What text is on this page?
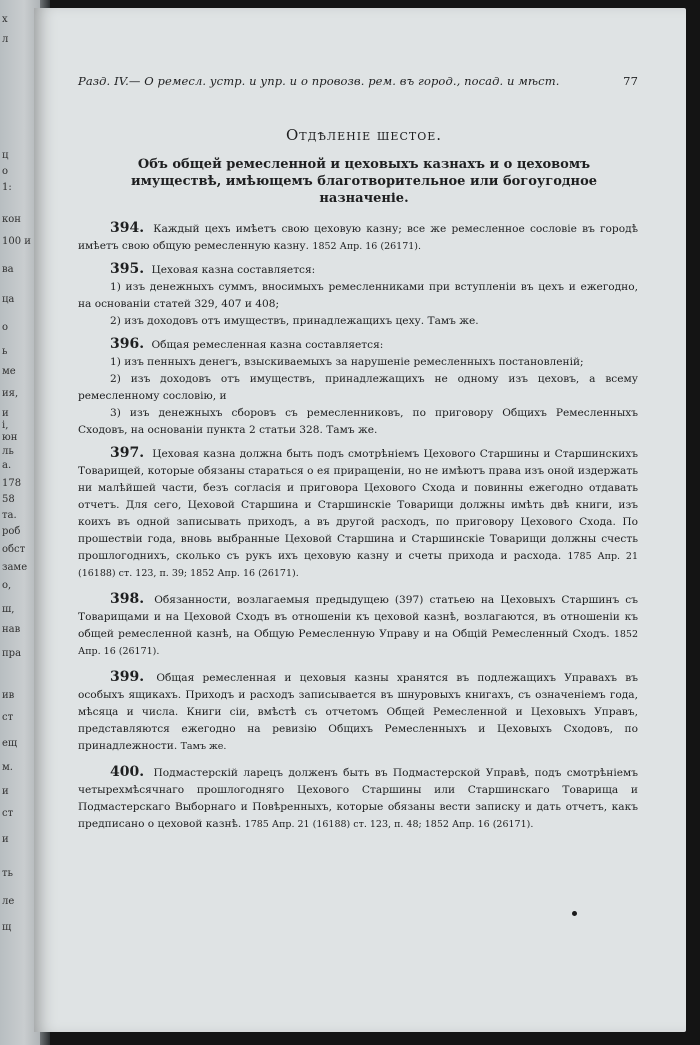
х
л
ц
о
1:
кон
100 и
ва
ца
о
ь
ме
ия,
и
i,
юн
ль
а.
178
58
та.
роб
обст
заме
о,
ш,
нав
пра
ив
ст
ещ
м.
и
ст
и
ть
ле
щ
Разд. IV.— О ремесл. устр. и упр. и о провозв. рем. въ город., посад. и мѣст.	77
Отдѣленіе шестое.
Объ общей ремесленной и цеховыхъ казнахъ и о цеховомъ имуществѣ, имѣющемъ благотворительное или богоугодное назначеніе.

394. Каждый цехъ имѣетъ свою цеховую казну; все же ремесленное сословіе въ городѣ имѣетъ свою общую ремесленную казну. 1852 Апр. 16 (26171).

395. Цеховая казна составляется:

1) изъ денежныхъ суммъ, вносимыхъ ремесленниками при вступленіи въ цехъ и ежегодно, на основаніи статей 329, 407 и 408;

2) изъ доходовъ отъ имуществъ, принадлежащихъ цеху. Тамъ же.

396. Общая ремесленная казна составляется:

1) изъ пенныхъ денегъ, взыскиваемыхъ за нарушеніе ремесленныхъ постановленій;

2) изъ доходовъ отъ имуществъ, принадлежащихъ не одному изъ цеховъ, а всему ремесленному сословію, и

3) изъ денежныхъ сборовъ съ ремесленниковъ, по приговору Общихъ Ремесленныхъ Сходовъ, на основаніи пункта 2 статьи 328. Тамъ же.

397. Цеховая казна должна быть подъ смотрѣніемъ Цехового Старшины и Старшинскихъ Товарищей, которые обязаны стараться о ея приращеніи, но не имѣютъ права изъ оной издержать ни малѣйшей части, безъ согласія и приговора Цехового Схода и повинны ежегодно отдавать отчетъ. Для сего, Цеховой Старшина и Старшинскіе Товарищи должны имѣть двѣ книги, изъ коихъ въ одной записывать приходъ, а въ другой расходъ, по приговору Цехового Схода. По прошествіи года, вновь выбранные Цеховой Старшина и Старшинскіе Товарищи должны счесть прошлогоднихъ, сколько съ рукъ ихъ цеховую казну и счеты прихода и расхода. 1785 Апр. 21 (16188) ст. 123, п. 39; 1852 Апр. 16 (26171).

398. Обязанности, возлагаемыя предыдущею (397) статьею на Цеховыхъ Старшинъ съ Товарищами и на Цеховой Сходъ въ отношеніи къ цеховой казнѣ, возлагаются, въ отношеніи къ общей ремесленной казнѣ, на Общую Ремесленную Управу и на Общій Ремесленный Сходъ. 1852 Апр. 16 (26171).

399. Общая ремесленная и цеховыя казны хранятся въ подлежащихъ Управахъ въ особыхъ ящикахъ. Приходъ и расходъ записывается въ шнуровыхъ книгахъ, съ означеніемъ года, мѣсяца и числа. Книги сіи, вмѣстѣ съ отчетомъ Общей Ремесленной и Цеховыхъ Управъ, представляются ежегодно на ревизію Общихъ Ремесленныхъ и Цеховыхъ Сходовъ, по принадлежности. Тамъ же.

400. Подмастерскій ларецъ долженъ быть въ Подмастерской Управѣ, подъ смотрѣніемъ четырехмѣсячнаго прошлогодняго Цехового Старшины или Старшинскаго Товарища и Подмастерскаго Выборнаго и Повѣренныхъ, которые обязаны вести записку и дать отчетъ, какъ предписано о цеховой казнѣ. 1785 Апр. 21 (16188) ст. 123, п. 48; 1852 Апр. 16 (26171).
